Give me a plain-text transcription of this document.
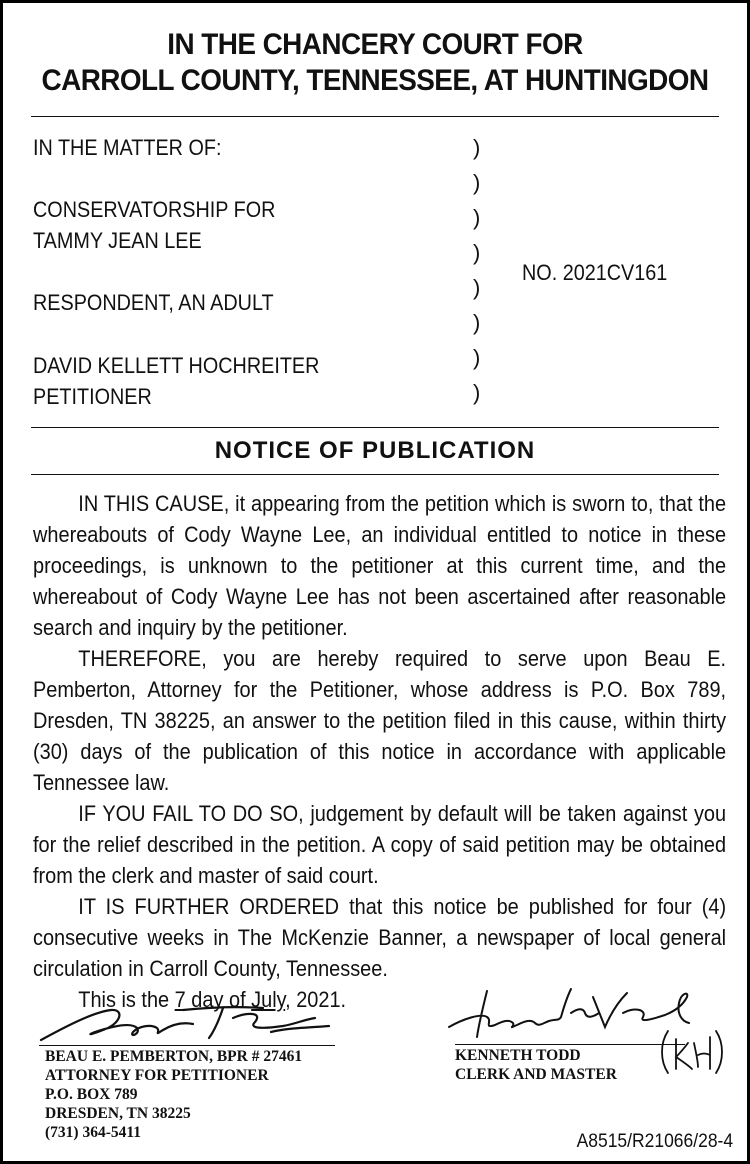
IN THE CHANCERY COURT FOR
CARROLL COUNTY, TENNESSEE, AT HUNTINGDON
IN THE MATTER OF:
CONSERVATORSHIP FOR
TAMMY JEAN LEE
RESPONDENT, AN ADULT
DAVID KELLETT HOCHREITER
PETITIONER
)
)
)
)
)
)
)
)
NO. 2021CV161
NOTICE OF PUBLICATION

IN THIS CAUSE, it appearing from the petition which is sworn to, that the whereabouts of Cody Wayne Lee, an individual entitled to notice in these proceedings, is unknown to the petitioner at this current time, and the whereabout of Cody Wayne Lee has not been ascertained after reasonable search and inquiry by the petitioner.

THEREFORE, you are hereby required to serve upon Beau E. Pemberton, Attorney for the Petitioner, whose address is P.O. Box 789, Dresden, TN 38225, an answer to the petition filed in this cause, within thirty (30) days of the publication of this notice in accordance with applicable Tennessee law.

IF YOU FAIL TO DO SO, judgement by default will be taken against you for the relief described in the petition. A copy of said petition may be obtained from the clerk and master of said court.

IT IS FURTHER ORDERED that this notice be published for four (4) consecutive weeks in The McKenzie Banner, a newspaper of local general circulation in Carroll County, Tennessee.

This is the 7 day of July, 2021.

BEAU E. PEMBERTON, BPR # 27461
ATTORNEY FOR PETITIONER
P.O. BOX 789
DRESDEN, TN 38225
(731) 364-5411
KENNETH TODD
CLERK AND MASTER
A8515/R21066/28-4
